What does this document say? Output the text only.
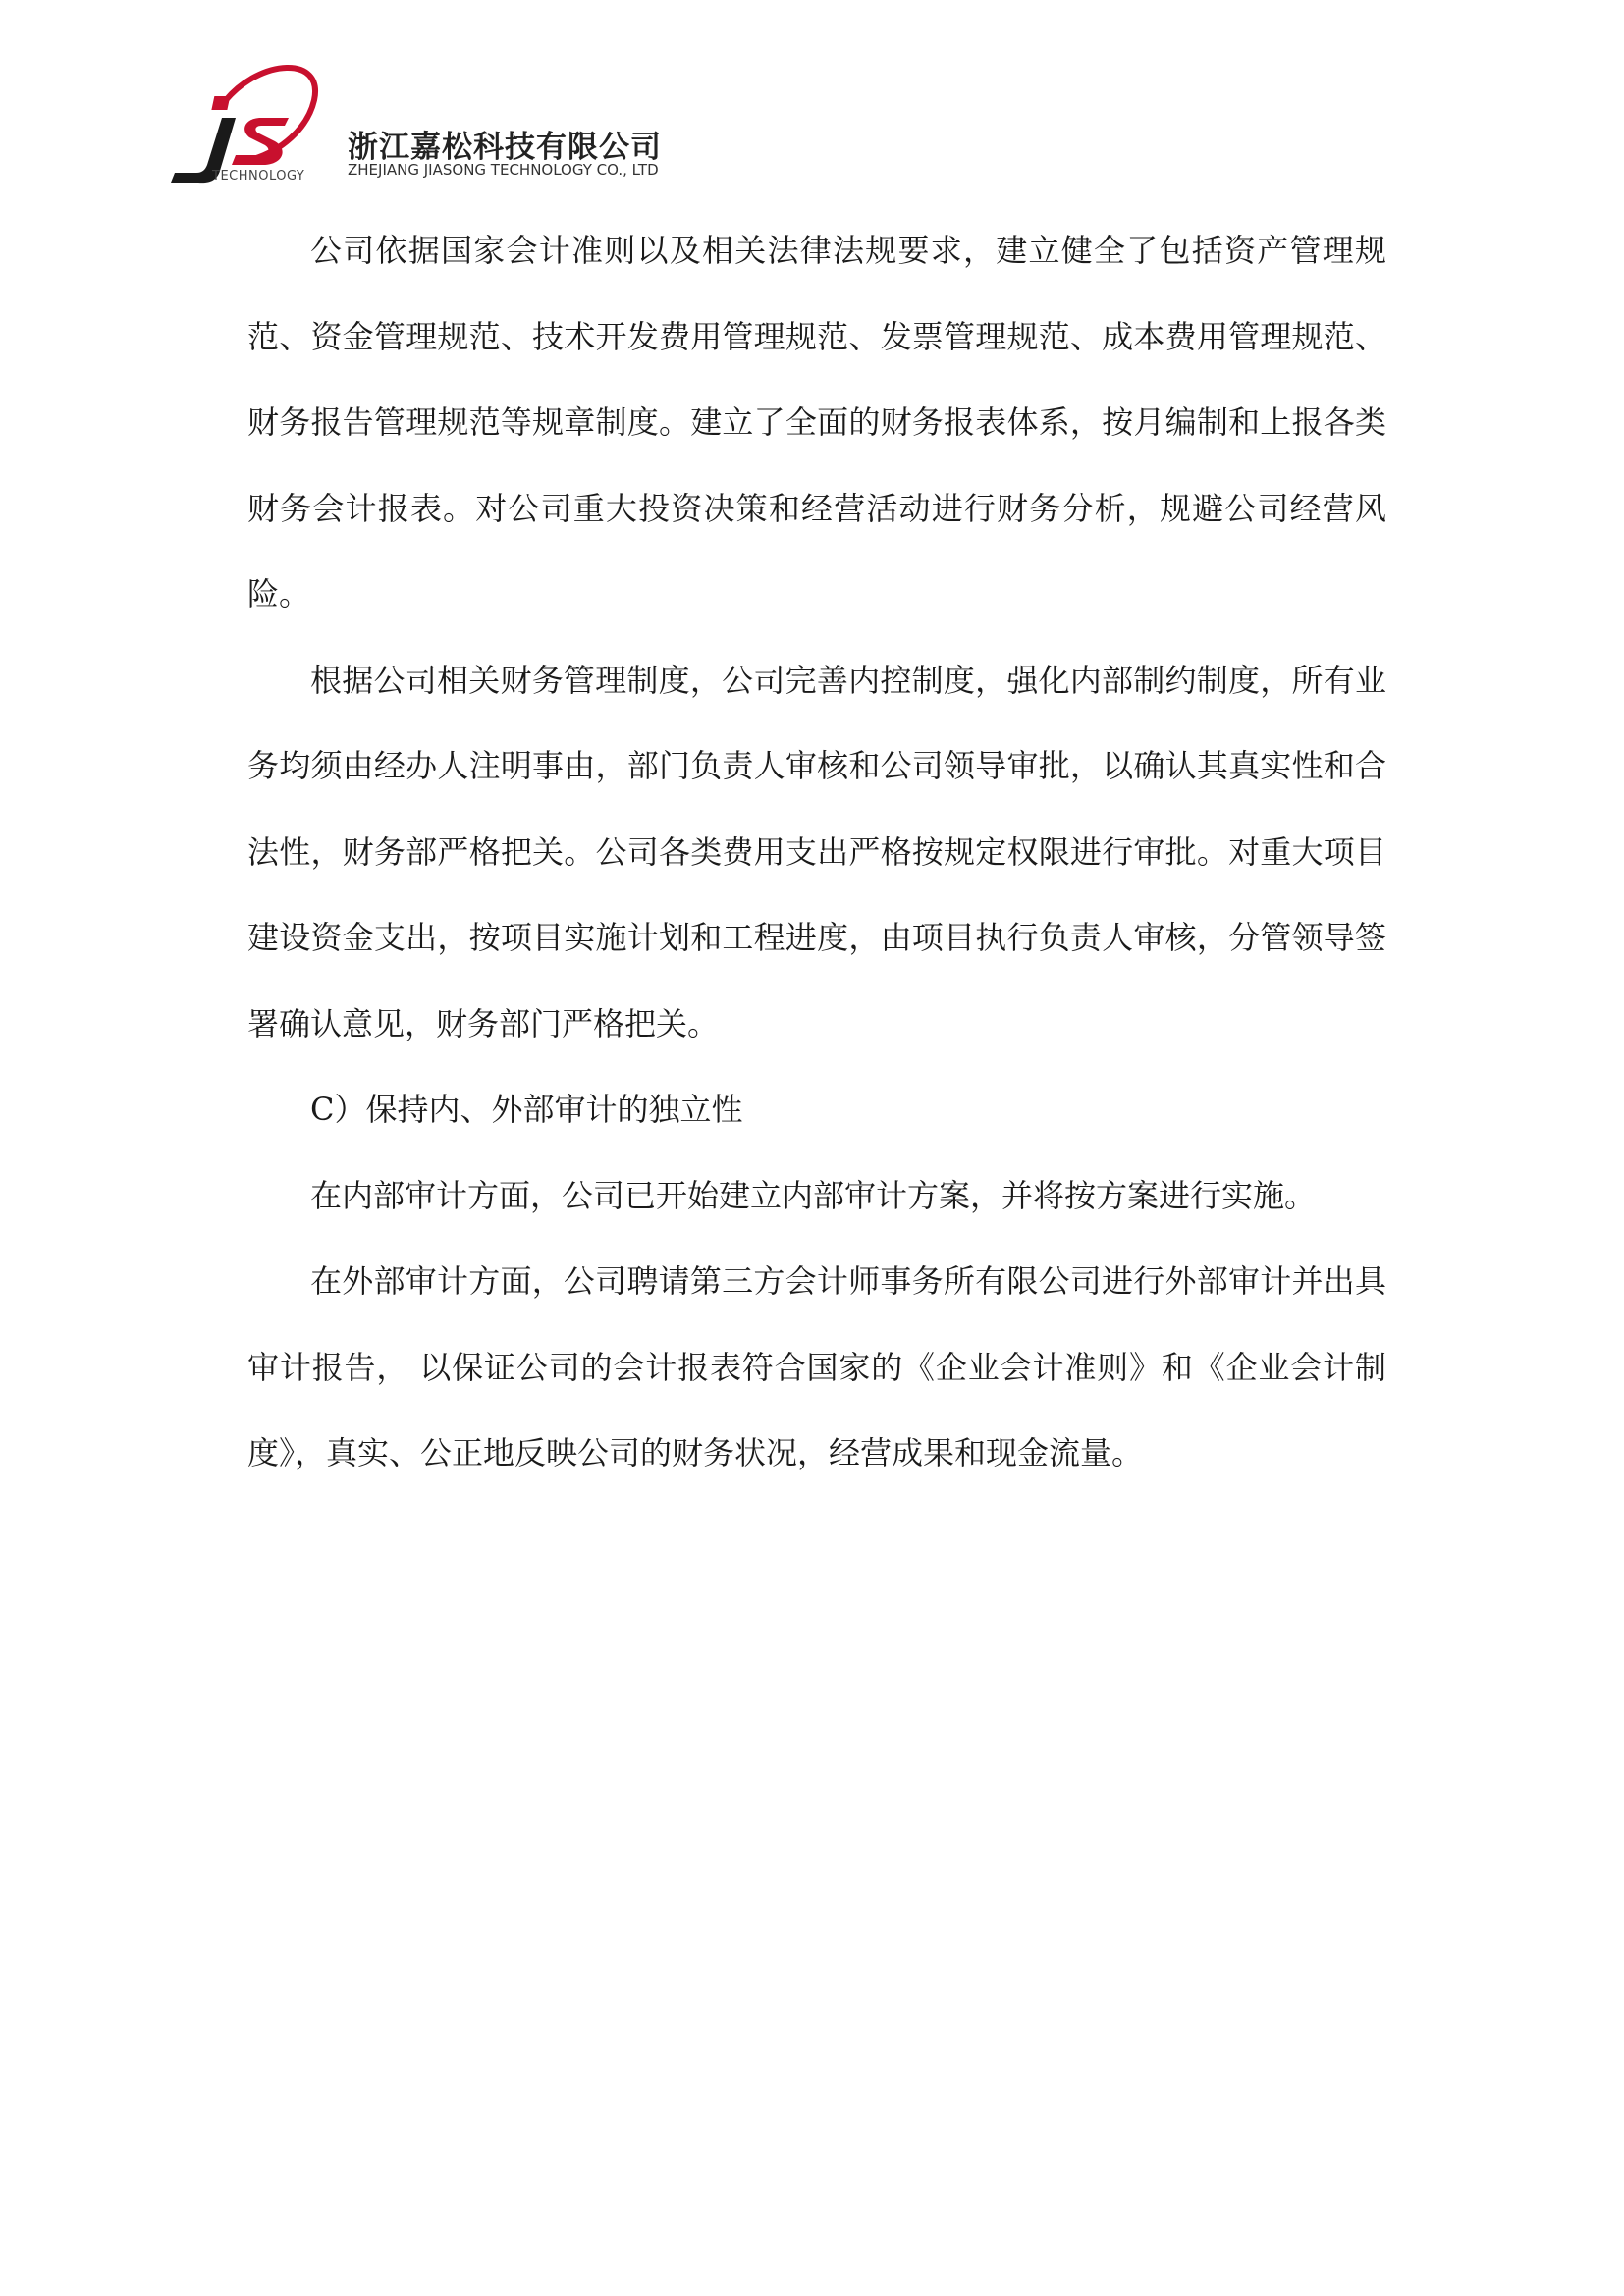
TECHNOLOGY
浙江嘉松科技有限公司
ZHEJIANG JIASONG TECHNOLOGY CO., LTD

公司依据国家会计准则以及相关法律法规要求，建立健全了包括资产管理规范、资金管理规范、技术开发费用管理规范、发票管理规范、成本费用管理规范、财务报告管理规范等规章制度。建立了全面的财务报表体系，按月编制和上报各类财务会计报表。对公司重大投资决策和经营活动进行财务分析，规避公司经营风险。

根据公司相关财务管理制度，公司完善内控制度，强化内部制约制度，所有业务均须由经办人注明事由，部门负责人审核和公司领导审批，以确认其真实性和合法性，财务部严格把关。公司各类费用支出严格按规定权限进行审批。对重大项目建设资金支出，按项目实施计划和工程进度，由项目执行负责人审核，分管领导签署确认意见，财务部门严格把关。

C）保持内、外部审计的独立性

在内部审计方面，公司已开始建立内部审计方案，并将按方案进行实施。

在外部审计方面，公司聘请第三方会计师事务所有限公司进行外部审计并出具审计报告， 以保证公司的会计报表符合国家的《企业会计准则》和《企业会计制度》，真实、公正地反映公司的财务状况，经营成果和现金流量。
